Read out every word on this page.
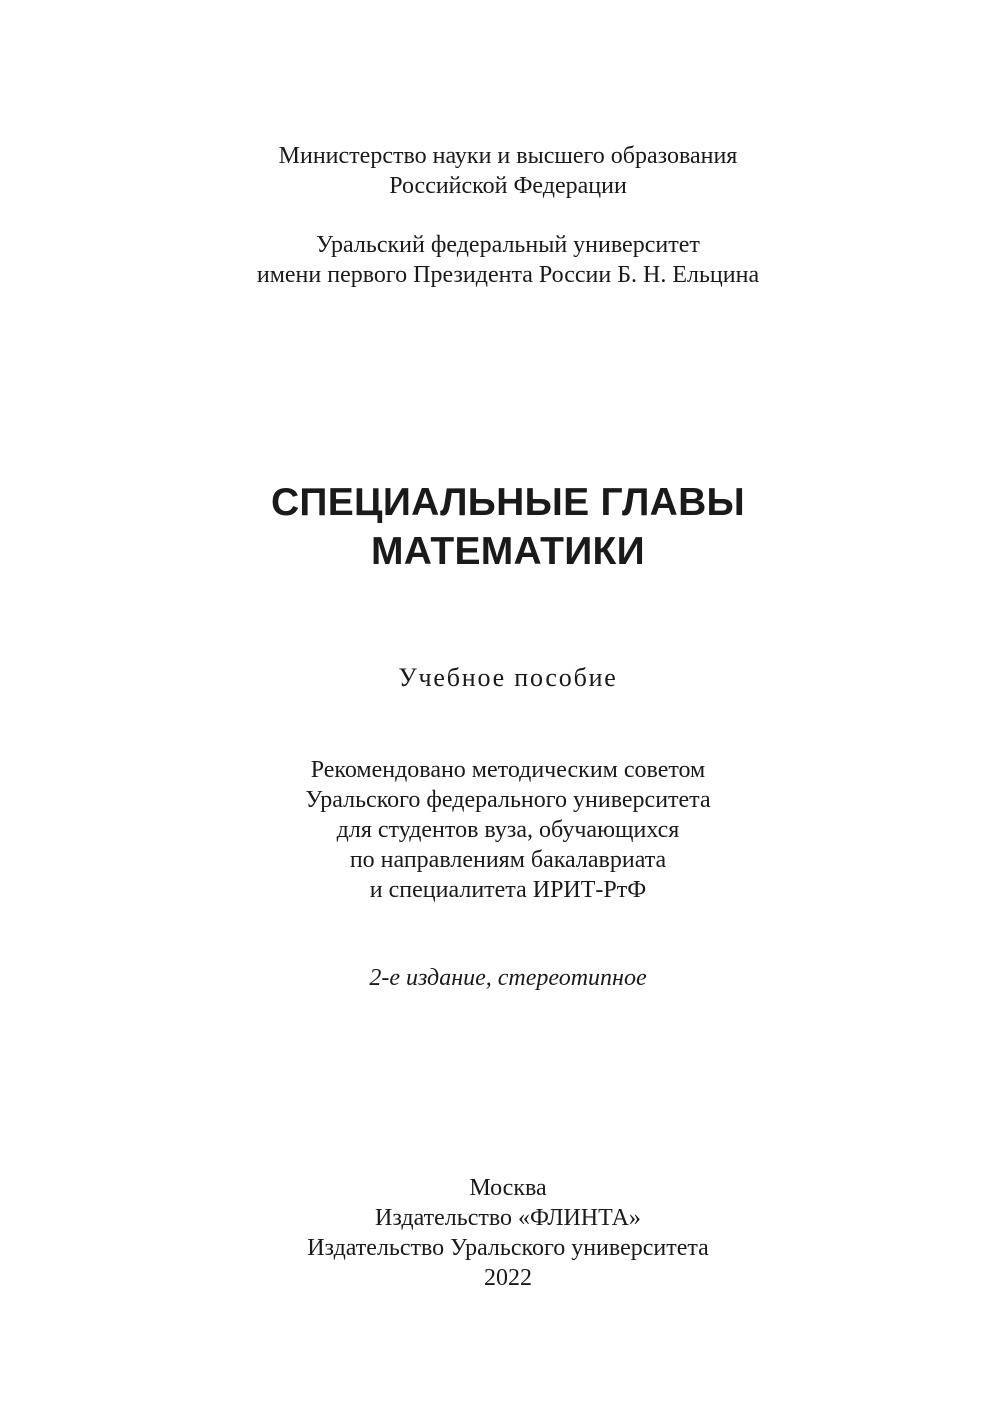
Министерство науки и высшего образования
Российской Федерации
Уральский федеральный университет
имени первого Президента России Б. Н. Ельцина
СПЕЦИАЛЬНЫЕ ГЛАВЫ
МАТЕМАТИКИ
Учебное пособие
Рекомендовано методическим советом
Уральского федерального университета
для студентов вуза, обучающихся
по направлениям бакалавриата
и специалитета ИРИТ-РтФ
2-е издание, стереотипное
Москва
Издательство «ФЛИНТА»
Издательство Уральского университета
2022
